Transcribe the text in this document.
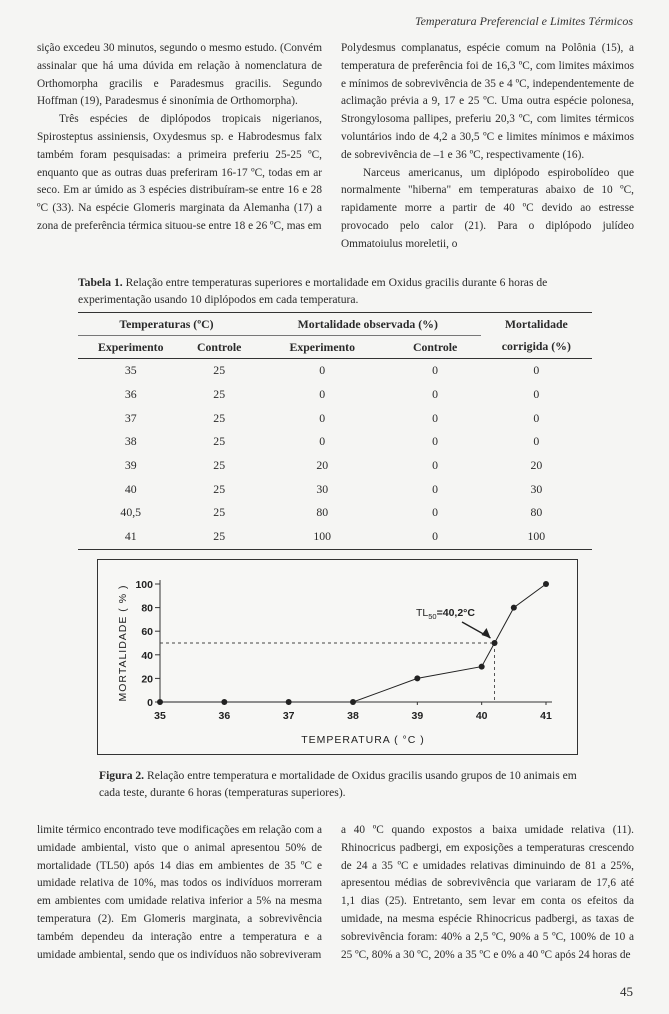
Temperatura Preferencial e Limites Térmicos

sição excedeu 30 minutos, segundo o mesmo estudo. (Convém assinalar que há uma dúvida em relação à nomenclatura de Orthomorpha gracilis e Paradesmus gracilis. Segundo Hoffman (19), Paradesmus é sinonímia de Orthomorpha).

Três espécies de diplópodos tropicais nigerianos, Spirosteptus assiniensis, Oxydesmus sp. e Habrodesmus falx também foram pesquisadas: a primeira preferiu 25-25 ºC, enquanto que as outras duas preferiram 16-17 ºC, todas em ar seco. Em ar úmido as 3 espécies distribuíram-se entre 16 e 28 ºC (33). Na espécie Glomeris marginata da Alemanha (17) a zona de preferência térmica situou-se entre 18 e 26 ºC, mas em

Polydesmus complanatus, espécie comum na Polônia (15), a temperatura de preferência foi de 16,3 ºC, com limites máximos e mínimos de sobrevivência de 35 e 4 ºC, independentemente de aclimação prévia a 9, 17 e 25 ºC. Uma outra espécie polonesa, Strongylosoma pallipes, preferiu 20,3 ºC, com limites térmicos voluntários indo de 4,2 a 30,5 ºC e limites mínimos e máximos de sobrevivência de –1 e 36 ºC, respectivamente (16).

Narceus americanus, um diplópodo espirobolídeo que normalmente "hiberna" em temperaturas abaixo de 10 ºC, rapidamente morre a partir de 40 ºC devido ao estresse provocado pelo calor (21). Para o diplópodo julídeo Ommatoiulus moreletii, o

Tabela 1. Relação entre temperaturas superiores e mortalidade em Oxidus gracilis durante 6 horas de experimentação usando 10 diplópodos em cada temperatura.
Temperaturas (ºC)		Mortalidade observada (%)		Mortalidade
Experimento	Controle	Experimento	Controle	corrigida (%)
35	25	0	0	0
36	25	0	0	0
37	25	0	0	0
38	25	0	0	0
39	25	20	0	20
40	25	30	0	30
40,5	25	80	0	80
41	25	100	0	100
0
20
40
60
80
100
35	36	37	38	39	40	41
TEMPERATURA ( °C )
MORTALIDADE ( % )	$TL_{50}=40,2^\circ C$
Figura 2. Relação entre temperatura e mortalidade de Oxidus gracilis usando grupos de 10 animais em cada teste, durante 6 horas (temperaturas superiores).

limite térmico encontrado teve modificações em relação com a umidade ambiental, visto que o animal apresentou 50% de mortalidade (TL50) após 14 dias em ambientes de 35 ºC e umidade relativa de 10%, mas todos os indivíduos morreram em ambientes com umidade relativa inferior a 5% na mesma temperatura (2). Em Glomeris marginata, a sobrevivência também dependeu da interação entre a temperatura e a umidade ambiental, sendo que os indivíduos não sobreviveram

a 40 ºC quando expostos a baixa umidade relativa (11). Rhinocricus padbergi, em exposições a temperaturas crescendo de 24 a 35 ºC e umidades relativas diminuindo de 81 a 25%, apresentou médias de sobrevivência que variaram de 17,6 até 1,1 dias (25). Entretanto, sem levar em conta os efeitos da umidade, na mesma espécie Rhinocricus padbergi, as taxas de sobrevivência foram: 40% a 2,5 ºC, 90% a 5 ºC, 100% de 10 a 25 ºC, 80% a 30 ºC, 20% a 35 ºC e 0% a 40 ºC após 24 horas de

45
